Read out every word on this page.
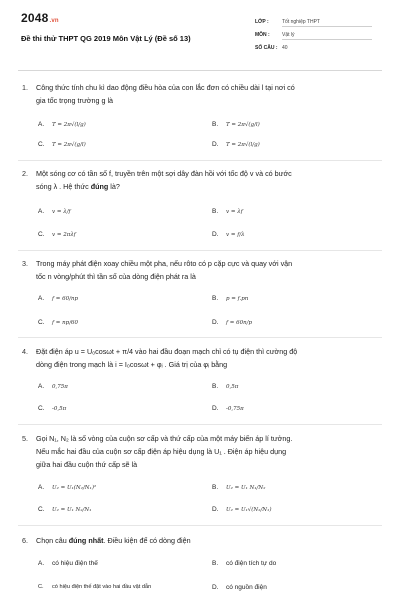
2048.vn
Đề thi thử THPT QG 2019 Môn Vật Lý (Đề số 13)
LỚP :	Tốt nghiệp THPT
MÔN : Vật lý
SỐ CÂU : 40
1. Công thức tính chu kì dao động điều hòa của con lắc đơn có chiều dài l tại nơi có
gia tốc trọng trường g là
A. T = 2π√(l/g)	B. T = 2π√(g/l)
C. T = 2π√(g/l)	D. T = 2π√(l/g)
2. Một sóng cơ có tần số f, truyền trên một sợi dây đàn hồi với tốc độ v và có bước
sóng λ . Hệ thức đúng là?
A. v = λ/f	B. v = λf
C. v = 2πλf	D. v = f/λ
3. Trong máy phát điện xoay chiều một pha, nếu rôto có p cặp cực và quay với vận
tốc n vòng/phút thì tần số của dòng điện phát ra là
A. f = 60/np	B. p = f.pn
C. f = np/60	D. f = 60n/p
4. Đặt điện áp u = U₀cosωt + π/4 vào hai đầu đoạn mạch chỉ có tụ điện thì cường độ
dòng điện trong mạch là i = I₀cosωt + φᵢ . Giá trị của φᵢ bằng
A. 0,75π	B. 0,5π
C. -0,5π	D. -0,75π
5. Gọi N₁, N₂ là số vòng của cuộn sơ cấp và thứ cấp của một máy biến áp lí tưởng.
Nếu mắc hai đầu của cuộn sơ cấp điện áp hiệu dụng là U₁ . Điện áp hiệu dụng
giữa hai đầu cuộn thứ cấp sẽ là
A. U₂ = U₁(N₂/N₁)²	B. U₂ = U₁ N₁/N₂
C. U₂ = U₁ N₂/N₁	D. U₂ = U₁√(N₂/N₁)
6. Chọn câu đúng nhất. Điều kiện để có dòng điện
A. có hiệu điện thế	B. có điện tích tự do
C. có hiệu điện thế đặt vào hai đầu vật dẫn	D. có nguồn điện
